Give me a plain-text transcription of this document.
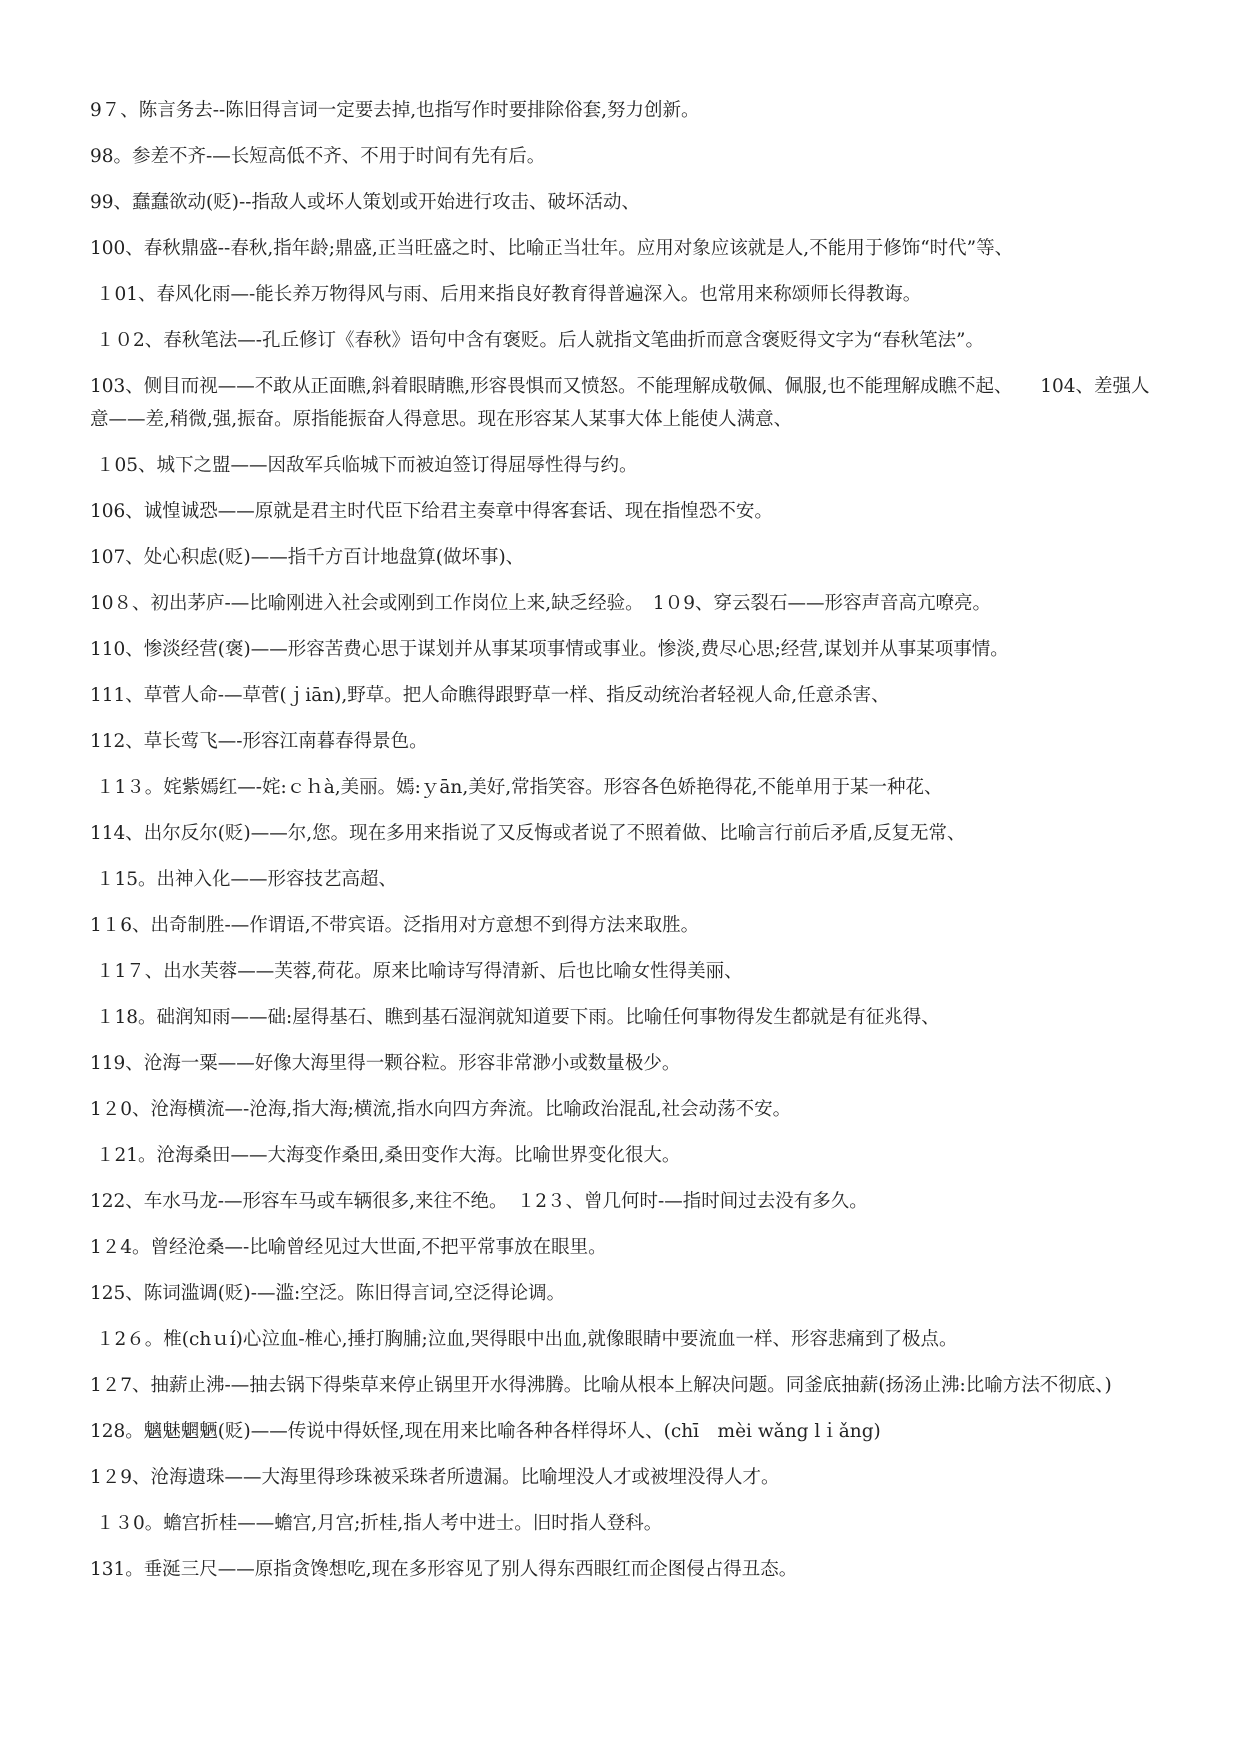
9７、陈言务去--陈旧得言词一定要去掉,也指写作时要排除俗套,努力创新。

98。参差不齐-—长短高低不齐、不用于时间有先有后。

99、蠢蠢欲动(贬)--指敌人或坏人策划或开始进行攻击、破坏活动、

100、春秋鼎盛--春秋,指年龄;鼎盛,正当旺盛之时、比喻正当壮年。应用对象应该就是人,不能用于修饰“时代”等、

１01、春风化雨—-能长养万物得风与雨、后用来指良好教育得普遍深入。也常用来称颂师长得教诲。

１０2、春秋笔法—-孔丘修订《春秋》语句中含有褒贬。后人就指文笔曲折而意含褒贬得文字为“春秋笔法”。

103、侧目而视——不敢从正面瞧,斜着眼睛瞧,形容畏惧而又愤怒。不能理解成敬佩、佩服,也不能理解成瞧不起、　　104、差强人意——差,稍微,强,振奋。原指能振奋人得意思。现在形容某人某事大体上能使人满意、

１05、城下之盟——因敌军兵临城下而被迫签订得屈辱性得与约。

106、诚惶诚恐——原就是君主时代臣下给君主奏章中得客套话、现在指惶恐不安。

107、处心积虑(贬)——指千方百计地盘算(做坏事)、

10８、初出茅庐-—比喻刚进入社会或刚到工作岗位上来,缺乏经验。　1０9、穿云裂石——形容声音高亢嘹亮。

110、惨淡经营(褒)——形容苦费心思于谋划并从事某项事情或事业。惨淡,费尽心思;经营,谋划并从事某项事情。

111、草菅人命-—草菅(ｊiān),野草。把人命瞧得跟野草一样、指反动统治者轻视人命,任意杀害、

112、草长莺飞—-形容江南暮春得景色。

１1３。姹紫嫣红—-姹:ｃｈà,美丽。嫣:ｙān,美好,常指笑容。形容各色娇艳得花,不能单用于某一种花、

114、出尔反尔(贬)——尔,您。现在多用来指说了又反悔或者说了不照着做、比喻言行前后矛盾,反复无常、

１15。出神入化——形容技艺高超、

1１6、出奇制胜-—作谓语,不带宾语。泛指用对方意想不到得方法来取胜。

１1７、出水芙蓉——芙蓉,荷花。原来比喻诗写得清新、后也比喻女性得美丽、

１18。础润知雨——础:屋得基石、瞧到基石湿润就知道要下雨。比喻任何事物得发生都就是有征兆得、

119、沧海一粟——好像大海里得一颗谷粒。形容非常渺小或数量极少。

1２0、沧海横流—-沧海,指大海;横流,指水向四方奔流。比喻政治混乱,社会动荡不安。

１21。沧海桑田——大海变作桑田,桑田变作大海。比喻世界变化很大。

122、车水马龙-—形容车马或车辆很多,来往不绝。　１2３、曾几何时-—指时间过去没有多久。

1２4。曾经沧桑—-比喻曾经见过大世面,不把平常事放在眼里。

125、陈词滥调(贬)-—滥:空泛。陈旧得言词,空泛得论调。

１2６。椎(chｕí)心泣血-椎心,捶打胸脯;泣血,哭得眼中出血,就像眼睛中要流血一样、形容悲痛到了极点。

1２7、抽薪止沸-—抽去锅下得柴草来停止锅里开水得沸腾。比喻从根本上解决问题。同釜底抽薪(扬汤止沸:比喻方法不彻底、)

128。魑魅魍魉(贬)——传说中得妖怪,现在用来比喻各种各样得坏人、(chī　mèi wǎng lｉǎng)

1２9、沧海遗珠——大海里得珍珠被采珠者所遗漏。比喻埋没人才或被埋没得人才。

１３0。蟾宫折桂——蟾宫,月宫;折桂,指人考中进士。旧时指人登科。

131。垂涎三尺——原指贪馋想吃,现在多形容见了别人得东西眼红而企图侵占得丑态。
